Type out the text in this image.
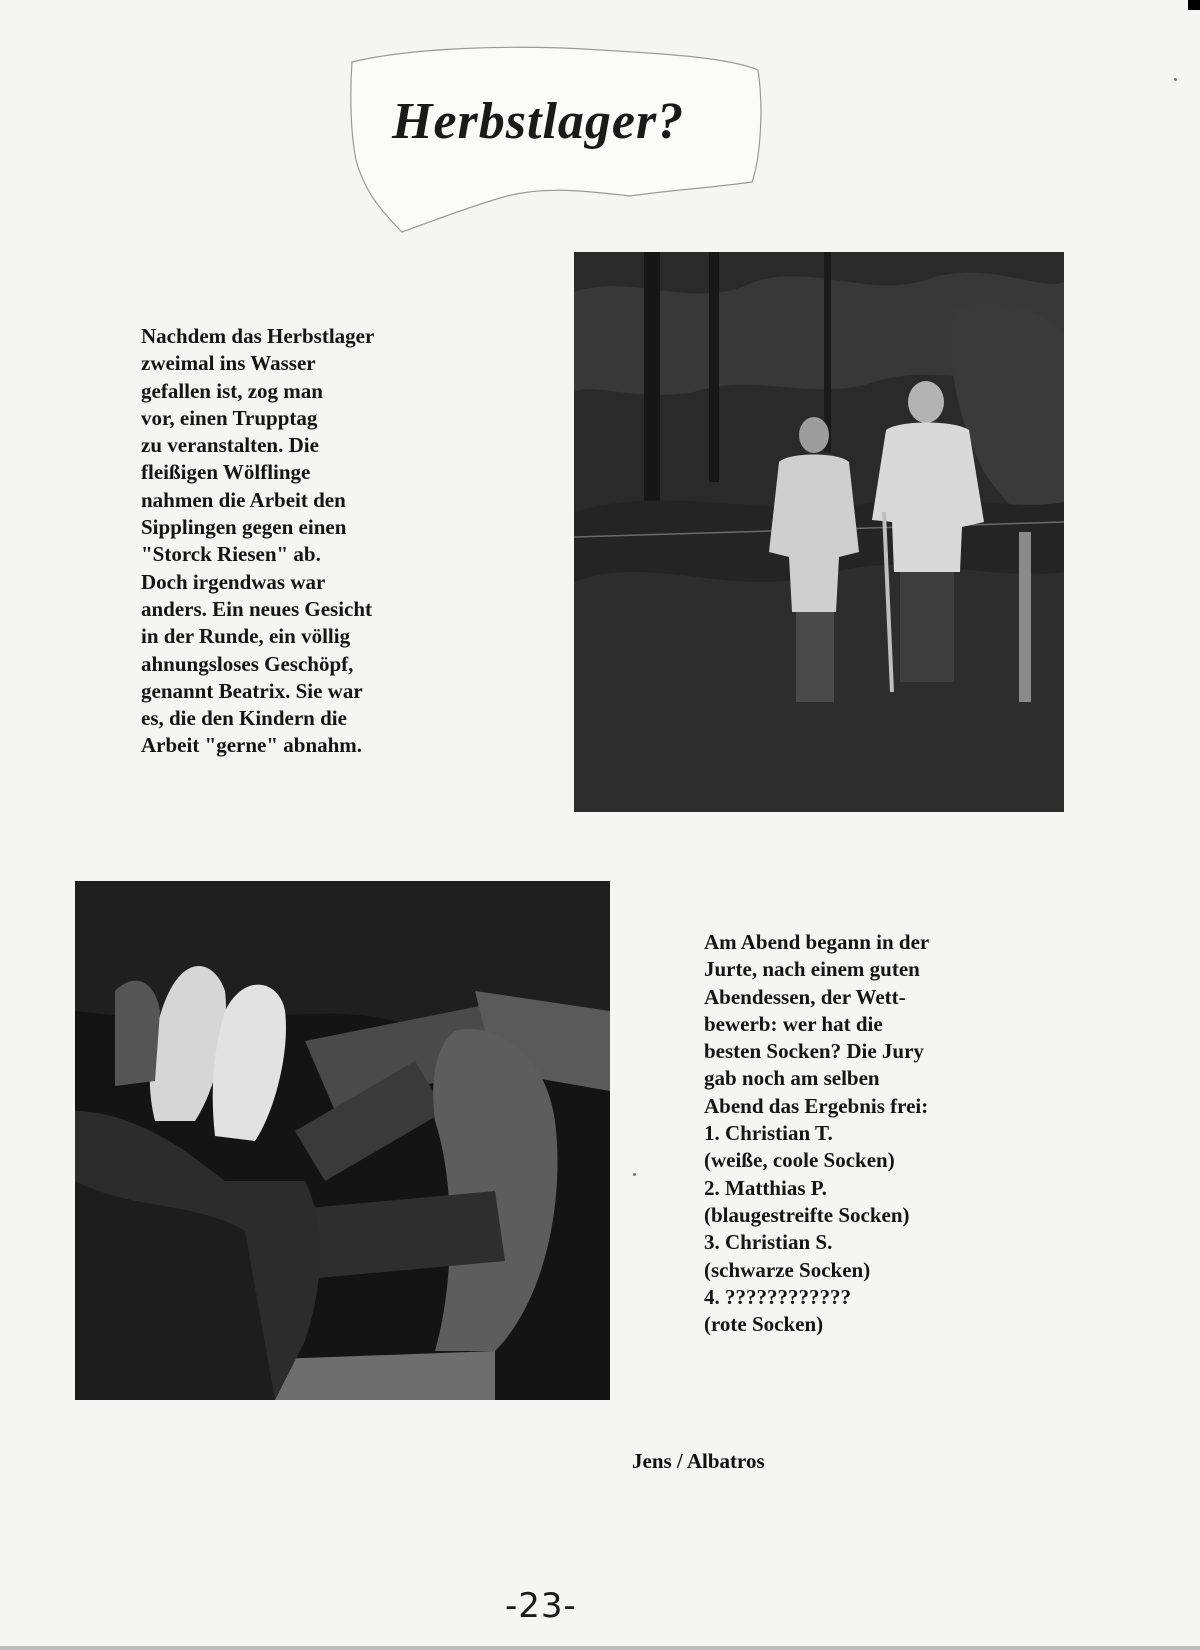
Herbstlager?
Nachdem das Herbstlager
zweimal ins Wasser
gefallen ist, zog man
vor, einen Trupptag
zu veranstalten. Die
fleißigen Wölflinge
nahmen die Arbeit den
Sipplingen gegen einen
"Storck Riesen" ab.
Doch irgendwas war
anders. Ein neues Gesicht
in der Runde, ein völlig
ahnungsloses Geschöpf,
genannt Beatrix. Sie war
es, die den Kindern die
Arbeit "gerne" abnahm.
Am Abend begann in der
Jurte, nach einem guten
Abendessen, der Wett-
bewerb: wer hat die
besten Socken? Die Jury
gab noch am selben
Abend das Ergebnis frei:
1. Christian T.
(weiße, coole Socken)
2. Matthias P.
(blaugestreifte Socken)
3. Christian S.
(schwarze Socken)
4. ????????????
(rote Socken)
Jens / Albatros
-23-
